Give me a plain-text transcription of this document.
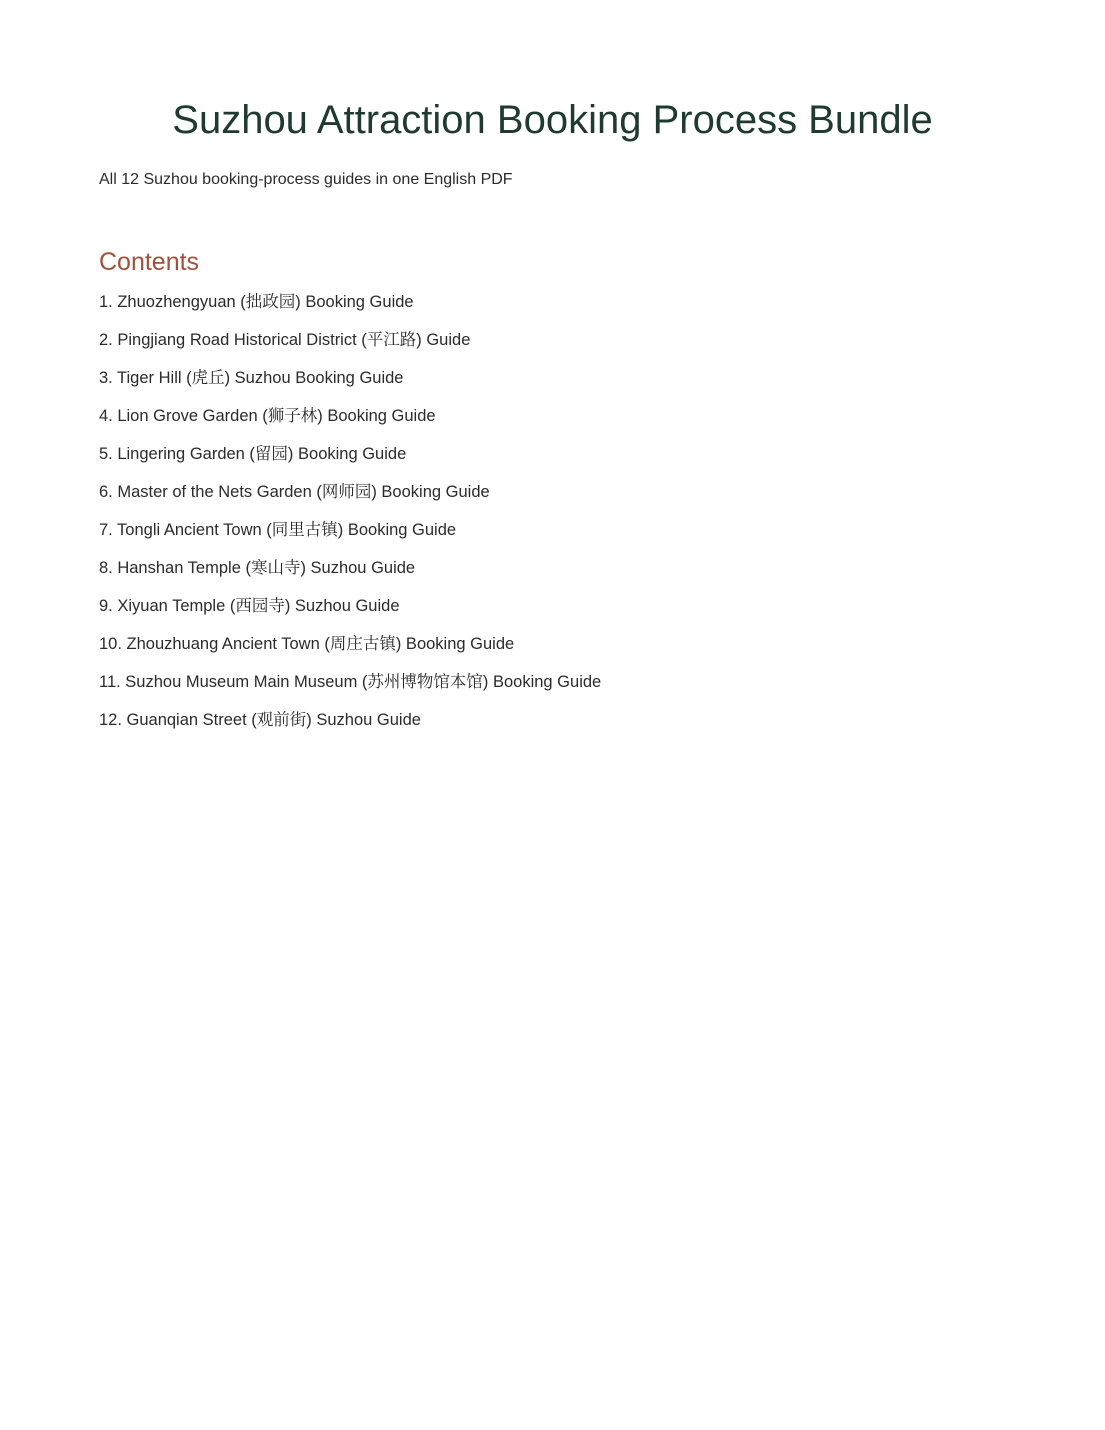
Suzhou Attraction Booking Process Bundle

All 12 Suzhou booking-process guides in one English PDF

Contents
1. Zhuozhengyuan (拙政园) Booking Guide
2. Pingjiang Road Historical District (平江路) Guide
3. Tiger Hill (虎丘) Suzhou Booking Guide
4. Lion Grove Garden (狮子林) Booking Guide
5. Lingering Garden (留园) Booking Guide
6. Master of the Nets Garden (网师园) Booking Guide
7. Tongli Ancient Town (同里古镇) Booking Guide
8. Hanshan Temple (寒山寺) Suzhou Guide
9. Xiyuan Temple (西园寺) Suzhou Guide
10. Zhouzhuang Ancient Town (周庄古镇) Booking Guide
11. Suzhou Museum Main Museum (苏州博物馆本馆) Booking Guide
12. Guanqian Street (观前街) Suzhou Guide
